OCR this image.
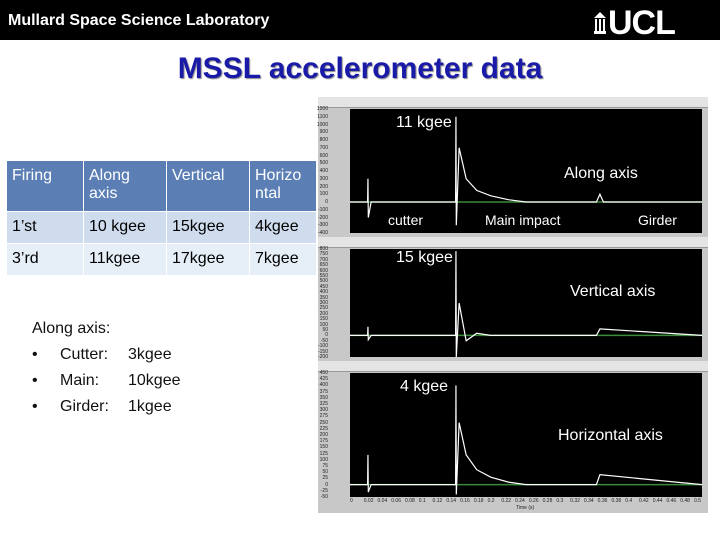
Mullard Space Science Laboratory	UCL
MSSL accelerometer data
Firing	Along axis	Vertical	Horizo ntal
1’st	10 kgee	15kgee	4kgee
3’rd	11kgee	17kgee	7kgee
Along axis:
• Cutter: 3kgee
• Main: 10kgee
• Girder: 1kgee
1200
1100
1000
900
800
700
600
500
400
300
200
100
0
-100
-200
-300
-400
11 kgee
Along axis
cutter	Main impact	Girder
800
750
700
650
600
550
500
450
400
350
300
250
200
150
100
50
0
-50
-100
-150
-200
15 kgee
Vertical axis
450
425
400
375
350
325
300
275
250
225
200
175
150
125
100
75
50
25
0
-25
-50
4 kgee
Horizontal axis
0 0.02 0.04 0.06 0.08 0.1 0.12 0.14 0.16 0.18 0.2 0.22 0.24 0.26 0.28 0.3 0.32 0.34 0.36 0.38 0.4 0.42 0.44 0.46 0.48 0.5
Time (s)
